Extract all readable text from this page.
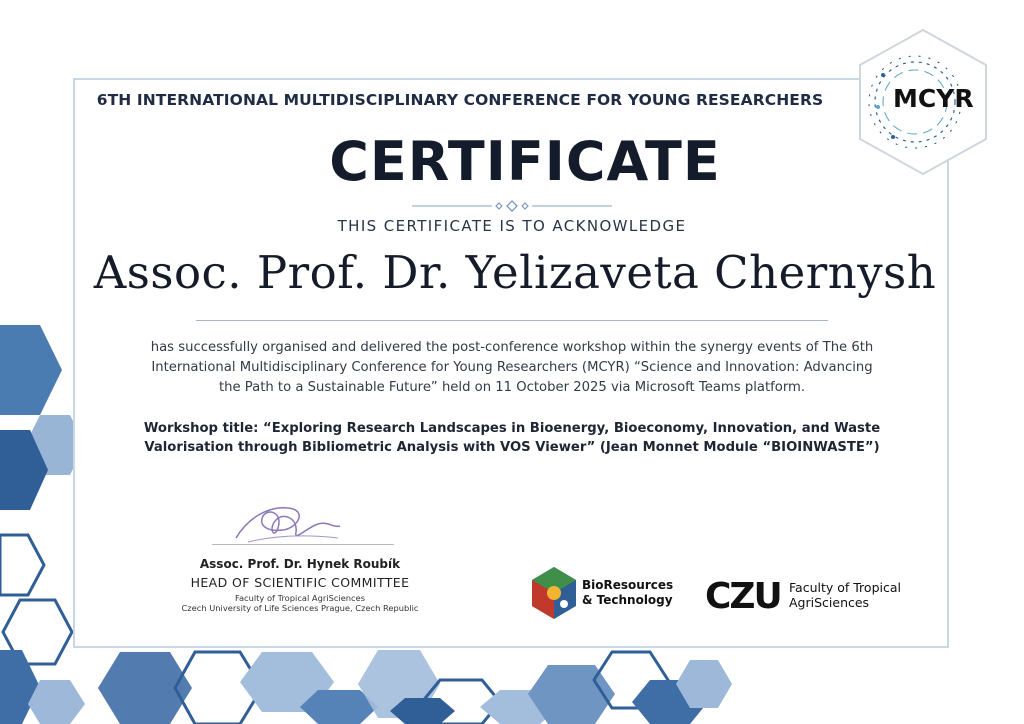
6TH INTERNATIONAL MULTIDISCIPLINARY CONFERENCE FOR YOUNG RESEARCHERS
CERTIFICATE
THIS CERTIFICATE IS TO ACKNOWLEDGE
Assoc. Prof. Dr. Yelizaveta Chernysh
has successfully organised and delivered the post-conference workshop within the synergy events of The 6th International Multidisciplinary Conference for Young Researchers (MCYR) “Science and Innovation: Advancing the Path to a Sustainable Future” held on 11 October 2025 via Microsoft Teams platform.
Workshop title: “Exploring Research Landscapes in Bioenergy, Bioeconomy, Innovation, and Waste Valorisation through Bibliometric Analysis with VOS Viewer” (Jean Monnet Module “BIOINWASTE”)
Assoc. Prof. Dr. Hynek Roubík
HEAD OF SCIENTIFIC COMMITTEE
Faculty of Tropical AgriSciences
Czech University of Life Sciences Prague, Czech Republic
MCYR
BioResources
& Technology CZU Faculty of Tropical
AgriSciences
